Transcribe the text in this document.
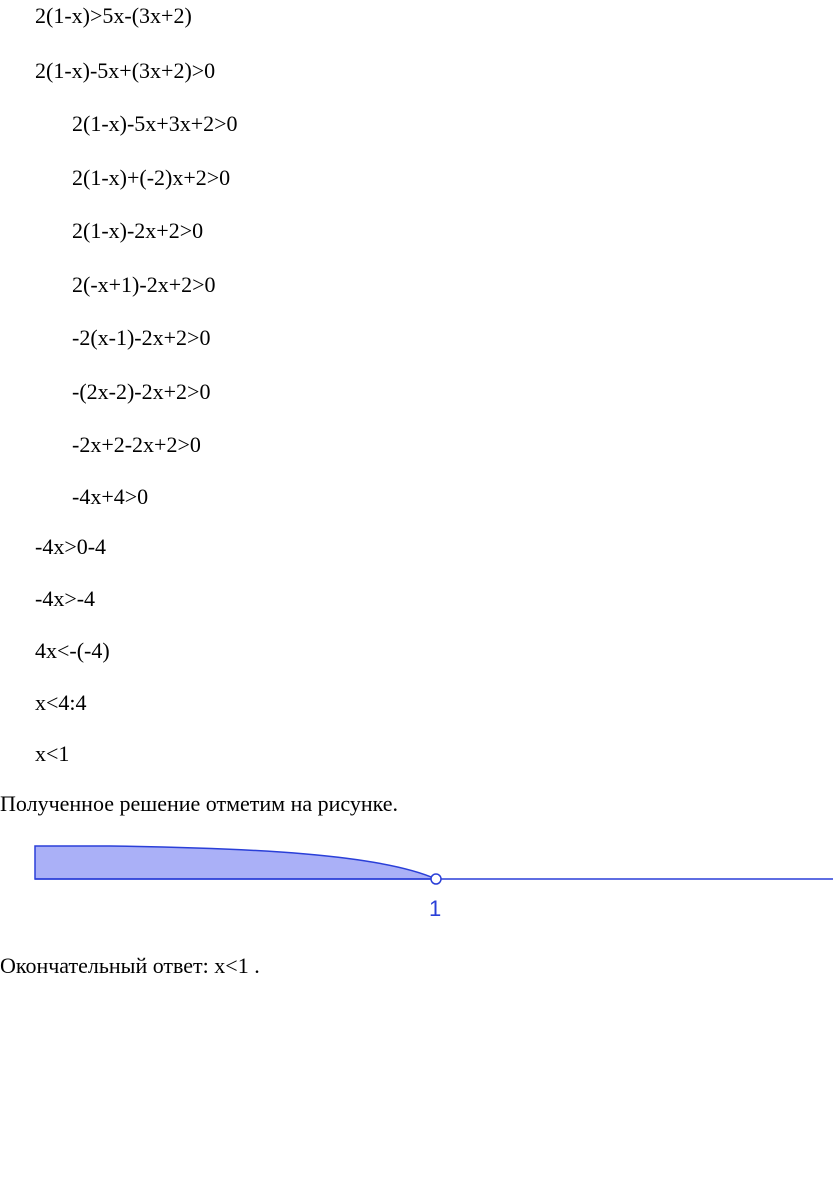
2(1-x)>5x-(3x+2)
2(1-x)-5x+(3x+2)>0
2(1-x)-5x+3x+2>0
2(1-x)+(-2)x+2>0
2(1-x)-2x+2>0
2(-x+1)-2x+2>0
-2(x-1)-2x+2>0
-(2x-2)-2x+2>0
-2x+2-2x+2>0
-4x+4>0
-4x>0-4
-4x>-4
4x<-(-4)
x<4:4
x<1
Полученное решение отметим на рисунке.
1
Окончательный ответ: x<1 .
